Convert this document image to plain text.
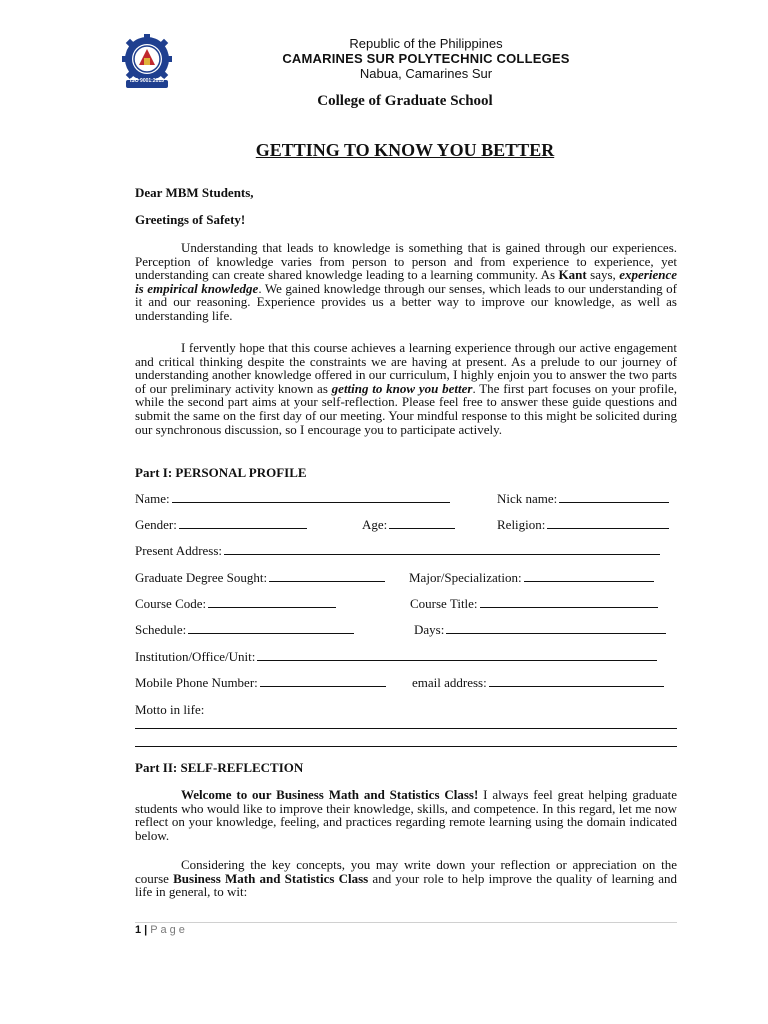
ISO 9001:2015
Republic of the Philippines
CAMARINES SUR POLYTECHNIC COLLEGES
Nabua, Camarines Sur
College of Graduate School
GETTING TO KNOW YOU BETTER
Dear MBM Students,
Greetings of Safety!

Understanding that leads to knowledge is something that is gained through our experiences. Perception of knowledge varies from person to person and from experience to experience, yet understanding can create shared knowledge leading to a learning community. As Kant says, experience is empirical knowledge. We gained knowledge through our senses, which leads to our understanding of it and our reasoning. Experience provides us a better way to improve our knowledge, as well as understanding life.

I fervently hope that this course achieves a learning experience through our active engagement and critical thinking despite the constraints we are having at present. As a prelude to our journey of understanding another knowledge offered in our curriculum, I highly enjoin you to answer the two parts of our preliminary activity known as getting to know you better. The first part focuses on your profile, while the second part aims at your self-reflection. Please feel free to answer these guide questions and submit the same on the first day of our meeting. Your mindful response to this might be solicited during our synchronous discussion, so I encourage you to participate actively.

Part I: PERSONAL PROFILE
Name:	Nick name:
Gender:	Age:	Religion:
Present Address:
Graduate Degree Sought:	Major/Specialization:
Course Code:	Course Title:
Schedule:	Days:
Institution/Office/Unit:
Mobile Phone Number:	email address:
Motto in life:
Part II: SELF-REFLECTION

Welcome to our Business Math and Statistics Class! I always feel great helping graduate students who would like to improve their knowledge, skills, and competence. In this regard, let me now reflect on your knowledge, feeling, and practices regarding remote learning using the domain indicated below.

Considering the key concepts, you may write down your reflection or appreciation on the course Business Math and Statistics Class and your role to help improve the quality of learning and life in general, to wit:

1 | Page
